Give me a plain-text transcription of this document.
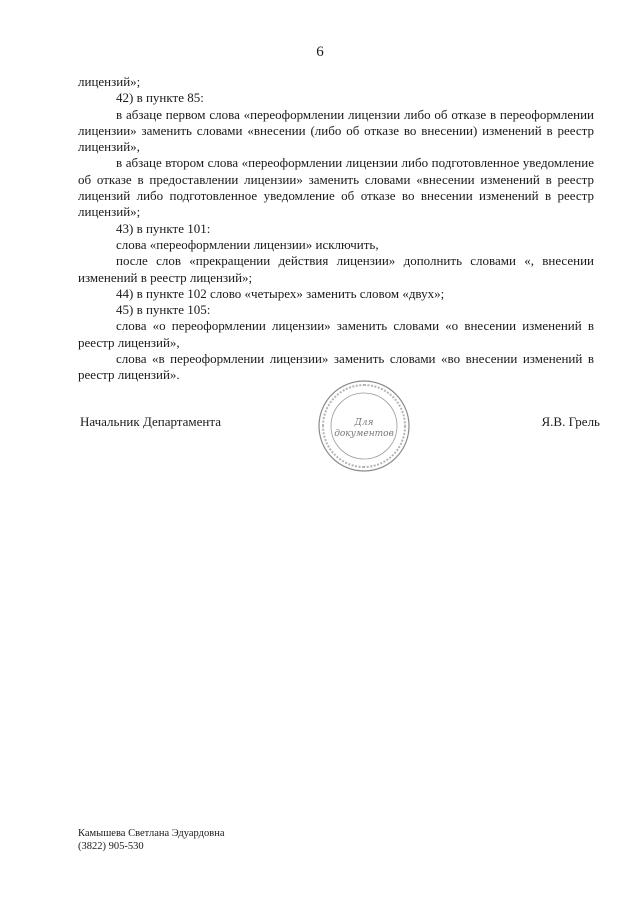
6

лицензий»;

42) в пункте 85:

в абзаце первом слова «переоформлении лицензии либо об отказе в переоформлении лицензии» заменить словами «внесении (либо об отказе во внесении) изменений в реестр лицензий»,

в абзаце втором слова «переоформлении лицензии либо подготовленное уведомление об отказе в предоставлении лицензии» заменить словами «внесении изменений в реестр лицензий либо подготовленное уведомление об отказе во внесении изменений в реестр лицензий»;

43) в пункте 101:

слова «переоформлении лицензии» исключить,

после слов «прекращении действия лицензии» дополнить словами «, внесении изменений в реестр лицензий»;

44) в пункте 102 слово «четырех» заменить словом «двух»;

45) в пункте 105:

слова «о переоформлении лицензии» заменить словами «о внесении изменений в реестр лицензий»,

слова «в переоформлении лицензии» заменить словами «во внесении изменений в реестр лицензий».

Для
документов
Начальник Департамента	Я.В. Грель
Камышева Светлана Эдуардовна
(3822) 905-530
